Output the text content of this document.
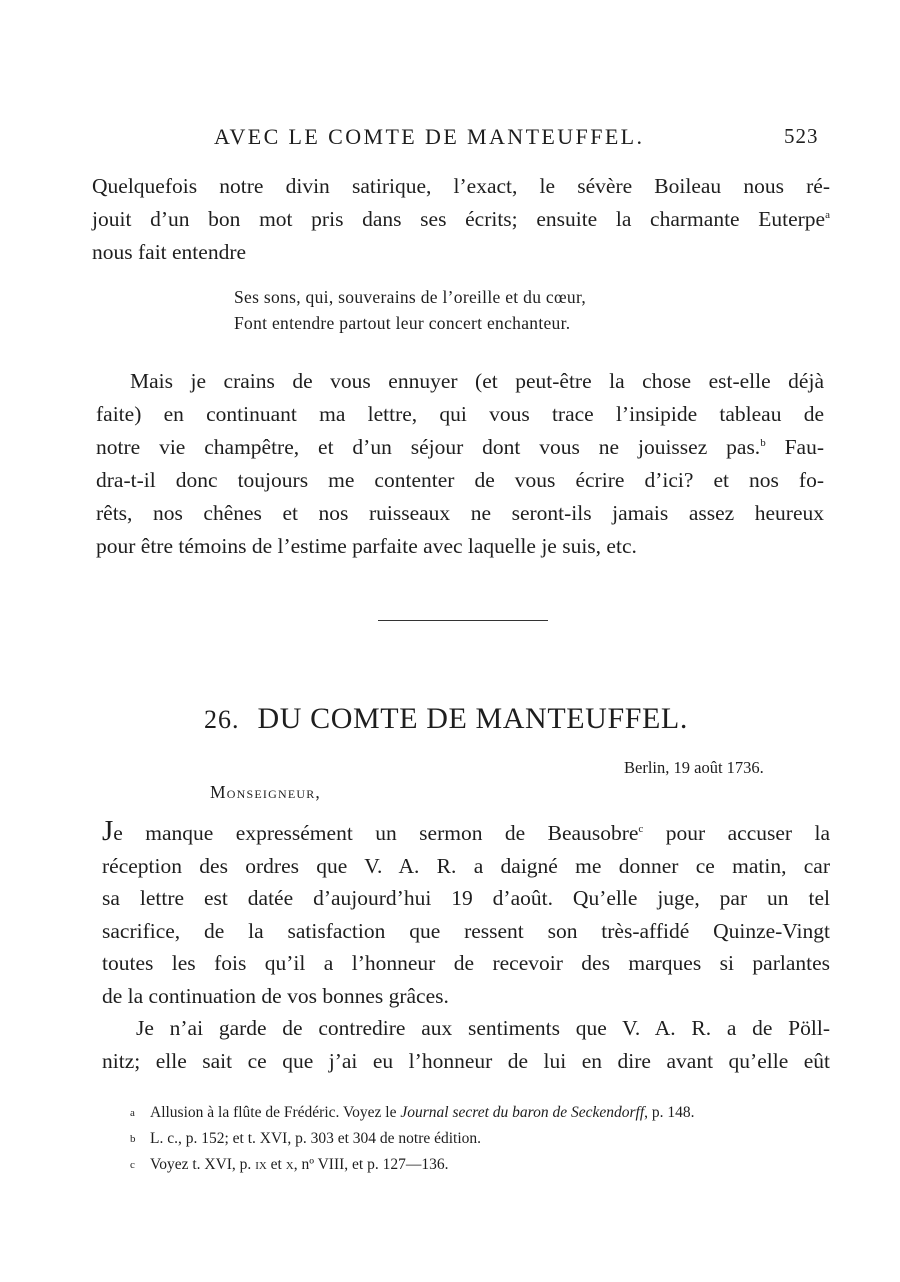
AVEC LE COMTE DE MANTEUFFEL.	523
Quelquefois notre divin satirique, l’exact, le sévère Boileau nous ré-
jouit d’un bon mot pris dans ses écrits; ensuite la charmante Euterpe$^a$
nous fait entendre
Ses sons, qui, souverains de l’oreille et du cœur,
Font entendre partout leur concert enchanteur.
Mais je crains de vous ennuyer (et peut-être la chose est-elle déjà
faite) en continuant ma lettre, qui vous trace l’insipide tableau de
notre vie champêtre, et d’un séjour dont vous ne jouissez pas.$^b$ Fau-
dra-t-il donc toujours me contenter de vous écrire d’ici? et nos fo-
rêts, nos chênes et nos ruisseaux ne seront-ils jamais assez heureux
pour être témoins de l’estime parfaite avec laquelle je suis, etc.
26. DU COMTE DE MANTEUFFEL.
Berlin, 19 août 1736.
Monseigneur,
Je manque expressément un sermon de Beausobre$^c$ pour accuser la
réception des ordres que V. A. R. a daigné me donner ce matin, car
sa lettre est datée d’aujourd’hui 19 d’août. Qu’elle juge, par un tel
sacrifice, de la satisfaction que ressent son très-affidé Quinze-Vingt
toutes les fois qu’il a l’honneur de recevoir des marques si parlantes
de la continuation de vos bonnes grâces.
Je n’ai garde de contredire aux sentiments que V. A. R. a de Pöll-
nitz; elle sait ce que j’ai eu l’honneur de lui en dire avant qu’elle eût
a Allusion à la flûte de Frédéric. Voyez le Journal secret du baron de Seckendorff, p. 148.
b L. c., p. 152; et t. XVI, p. 303 et 304 de notre édition.
c Voyez t. XVI, p. ix et x, nº VIII, et p. 127—136.
